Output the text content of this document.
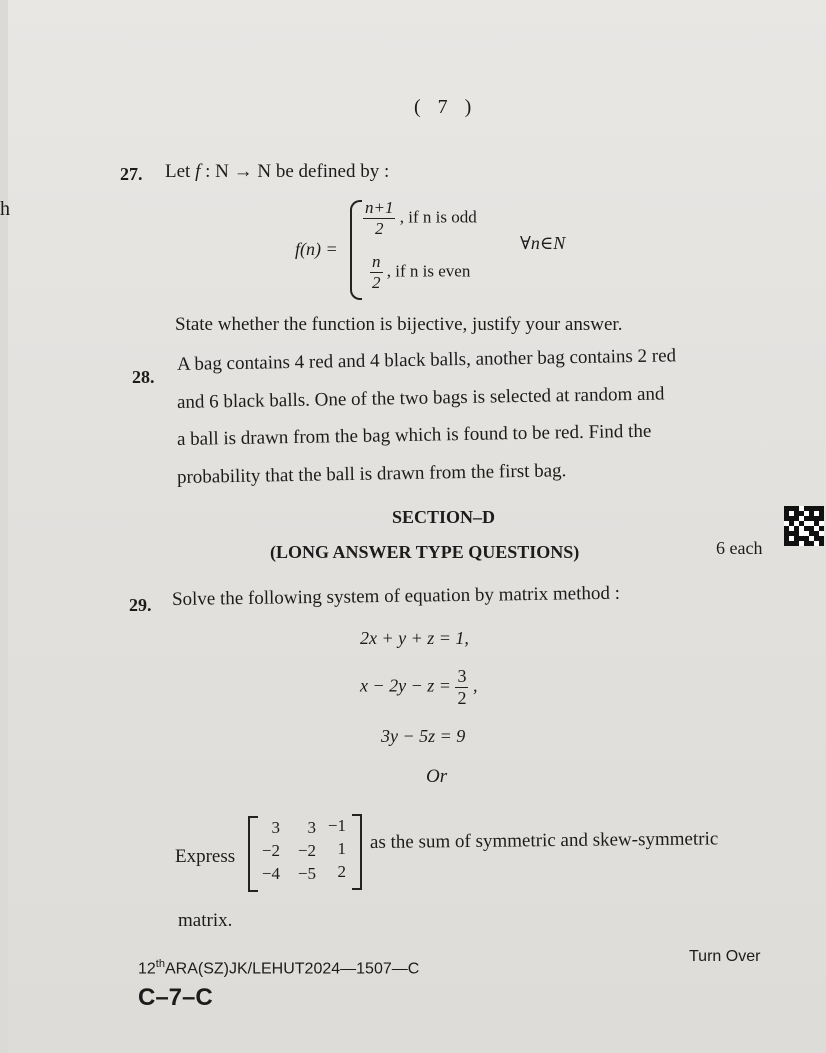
h
( 7 )
27. Let f : N → N be defined by :
f(n) =
$\frac{n+1}{2}$ , if n is odd
$\frac{n}{2}$ , if n is even
∀n∈N
State whether the function is bijective, justify your answer.
28.
A bag contains 4 red and 4 black balls, another bag contains 2 red
and 6 black balls. One of the two bags is selected at random and
a ball is drawn from the bag which is found to be red. Find the
probability that the ball is drawn from the first bag.
SECTION–D
(LONG ANSWER TYPE QUESTIONS)	6 each
29. Solve the following system of equation by matrix method :
2x + y + z = 1,
$x - 2y - z = \frac{3}{2}$ ,
3y − 5z = 9
Or
Express
3	3 −1
−2	−2	1
−4	−5	2
as the sum of symmetric and skew-symmetric
matrix.
12thARA(SZ)JK/LEHUT2024—1507—C
Turn Over
C–7–C
